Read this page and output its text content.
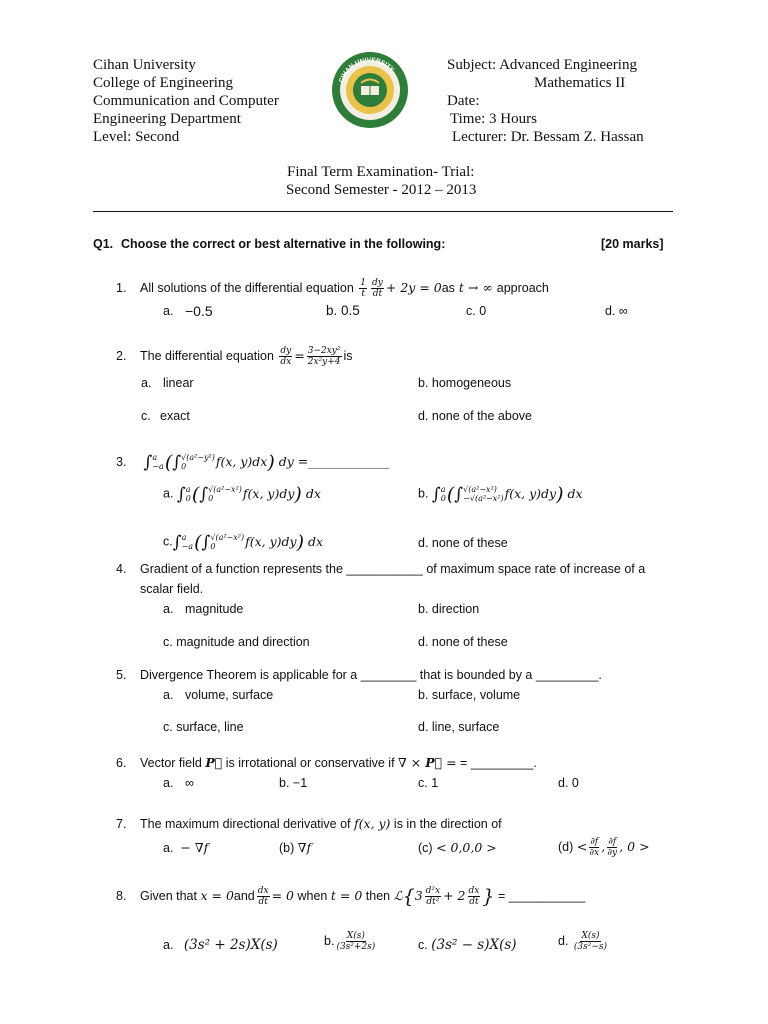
Cihan University
College of Engineering
Communication and Computer
Engineering Department
Level: Second
CIHAN UNIVERSITY	Subject: Advanced Engineering
Mathematics II
Date:
Time: 3 Hours
Lecturer: Dr. Bessam Z. Hassan
Final Term Examination- Trial:
Second Semester - 2012 – 2013
Q1. Choose the correct or best alternative in the following:	[20 marks]
1. All solutions of the differential equation $\frac{1}{t} \frac{dy}{dt} + 2y = 0as$ t → ∞ approach
a. −0.5	b. 0.5	c. 0	d. ∞
2. The differential equation $\frac{dy}{dx} = \frac{\text{3−2xy²}}{\text{2x²y+4}}$ is
a. linear	b. homogeneous
c. exact	d. none of the above
3. ∫ a
−a (∫ √(a²−y²)
0	f(x, y)dx) dy =_____________
a. ∫ a
0 (∫ √(a²−x²)
0	f(x, y)dy) dx	b. ∫ a
0 (∫ √(a²−x²)
−√(a²−x²) f(x, y)dy) dx
c.∫ a
−a (∫ √(a²−x²)
0	f(x, y)dy) dx	d. none of these
4. Gradient of a function represents the ___________ of maximum space rate of increase of a
scalar field.
a. magnitude	b. direction
c. magnitude and direction	d. none of these
5. Divergence Theorem is applicable for a ________ that is bounded by a _________.
a. volume, surface	b. surface, volume
c. surface, line	d. line, surface
6. Vector field P⃗ is irrotational or conservative if ∇ × P⃗ = = _________.
a. ∞	b. −1	c. 1	d. 0
7. The maximum directional derivative of f(x, y) is in the direction of
a. − ∇f	(b) ∇f	(c) < 0,0,0 >	$(d) < \frac{\partial f}{\partial x}$ , $\frac{\partial f}{\partial y}$ , 0 >
8. Given that $x = 0and \frac{dx}{dt} = 0$ when t = 0 then ℒ{3 $\frac{\text{d²x}}{\text{dt²}} + 2 \frac{dx}{dt}$ } = ___________
a. (3s² + 2s)X(s)	b. $\frac{X(s)}{\text{(3s²+2s)}}$	c. (3s² − s)X(s)	d. $\frac{X(s)}{\text{(3s²−s)}}$
